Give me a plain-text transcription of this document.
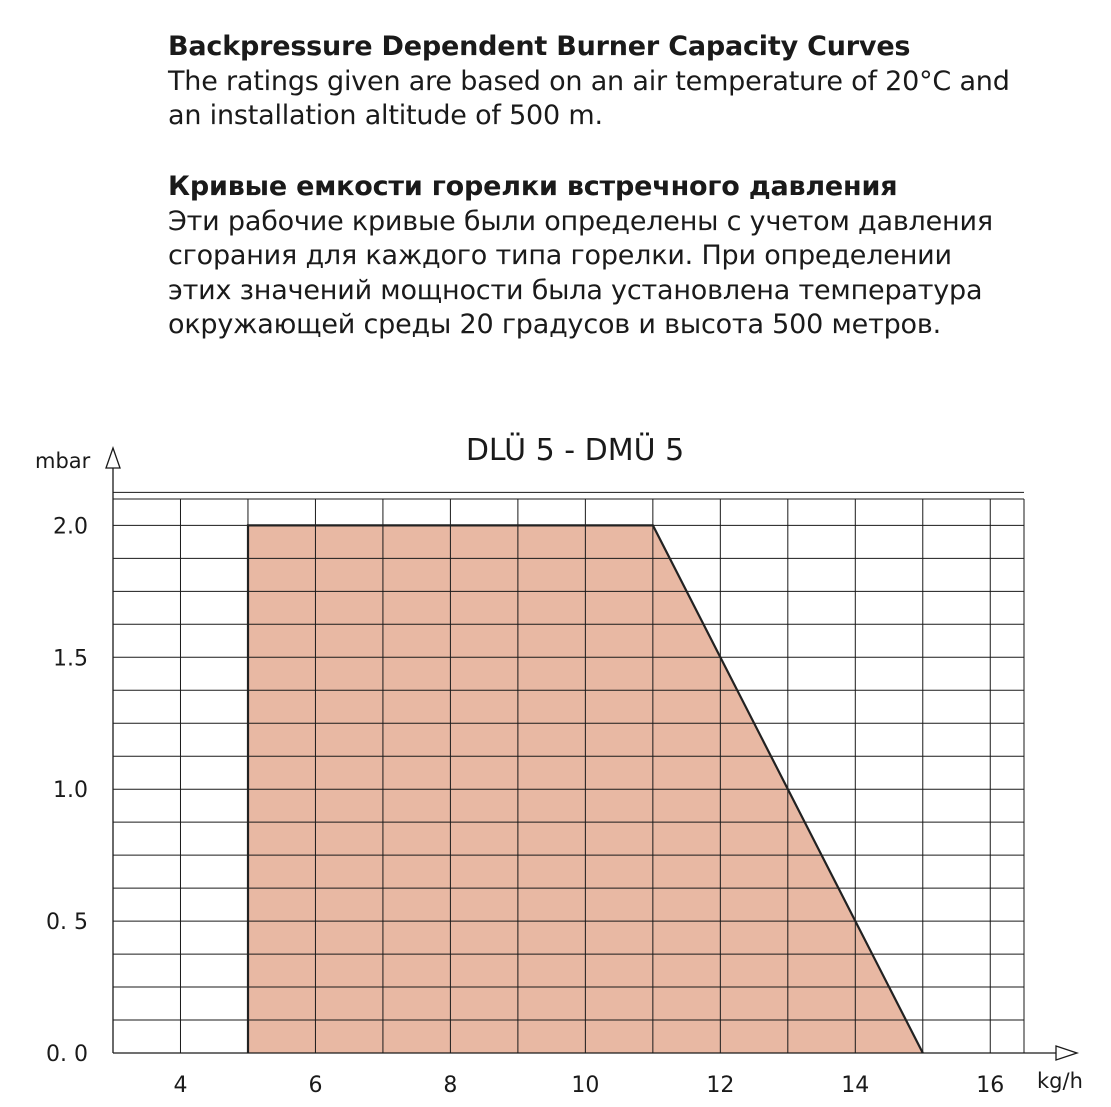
Backpressure Dependent Burner Capacity Curves
The ratings given are based on an air temperature of 20°C and
an installation altitude of 500 m.
Кривые емкости горелки встречного давления
Эти рабочие кривые были определены с учетом давления
сгорания для каждого типа горелки. При определении
этих значений мощности была установлена температура
окружающей среды 20 градусов и высота 500 метров.
4	6	8	10	12	14	16
0. 0
0. 5
1.0
1.5
2.0
DLÜ 5 - DMÜ 5
mbar
kg/h
